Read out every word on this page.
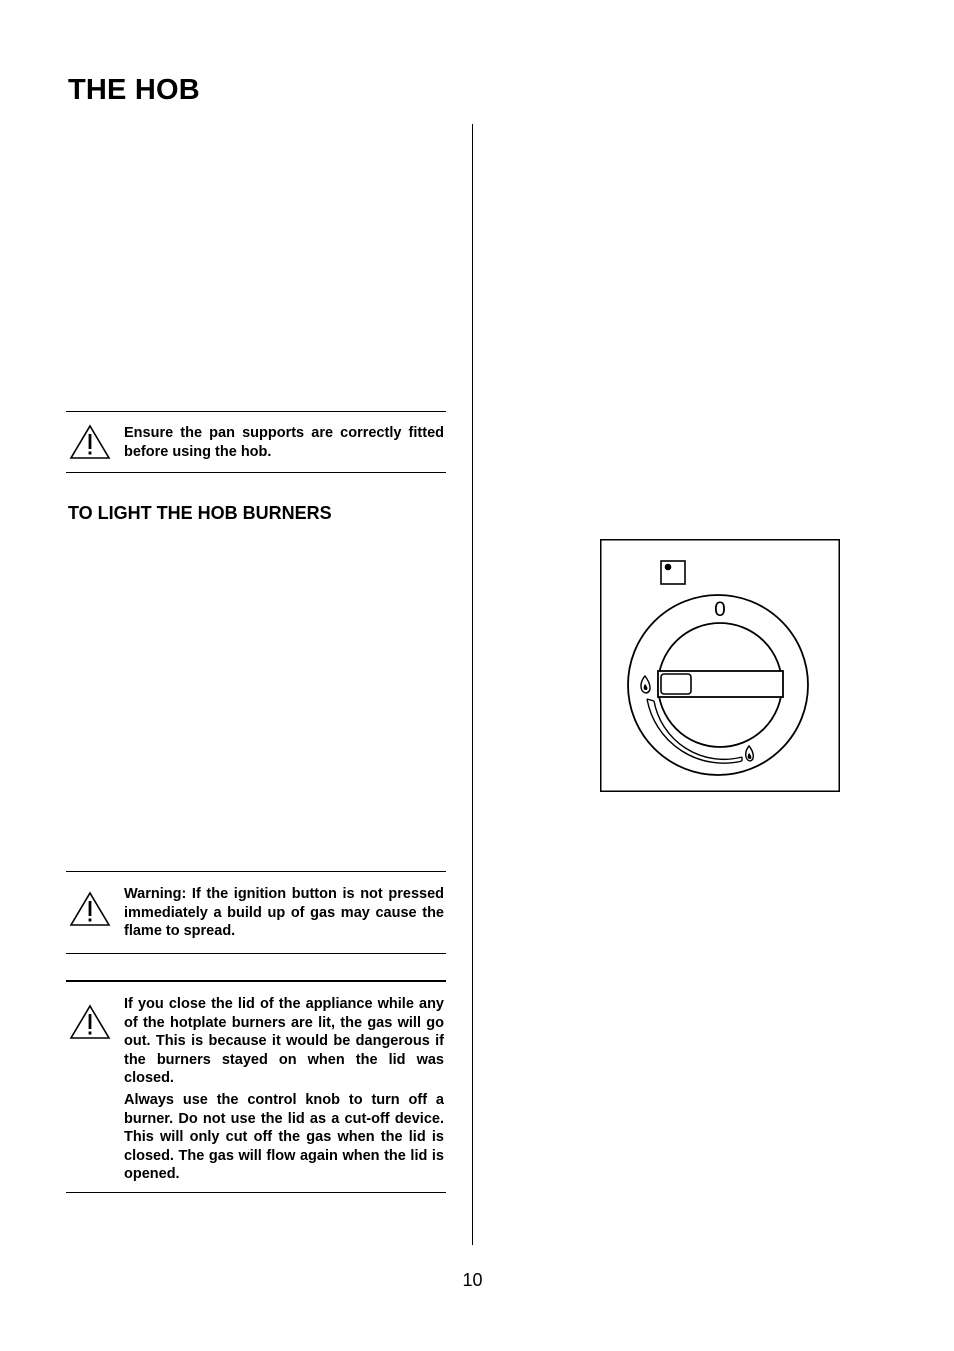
THE HOB

Ensure the pan supports are correctly fitted before using the hob.

TO LIGHT THE HOB BURNERS

Warning: If the ignition button is not pressed immediately a build up of gas may cause the flame to spread.

If you close the lid of the appliance while any of the hotplate burners are lit, the gas will go out. This is because it would be dangerous if the burners stayed on when the lid was closed.

Always use the control knob to turn off a burner. Do not use the lid as a cut-off device. This will only cut off the gas when the lid is closed. The gas will flow again when the lid is opened.

0
10
